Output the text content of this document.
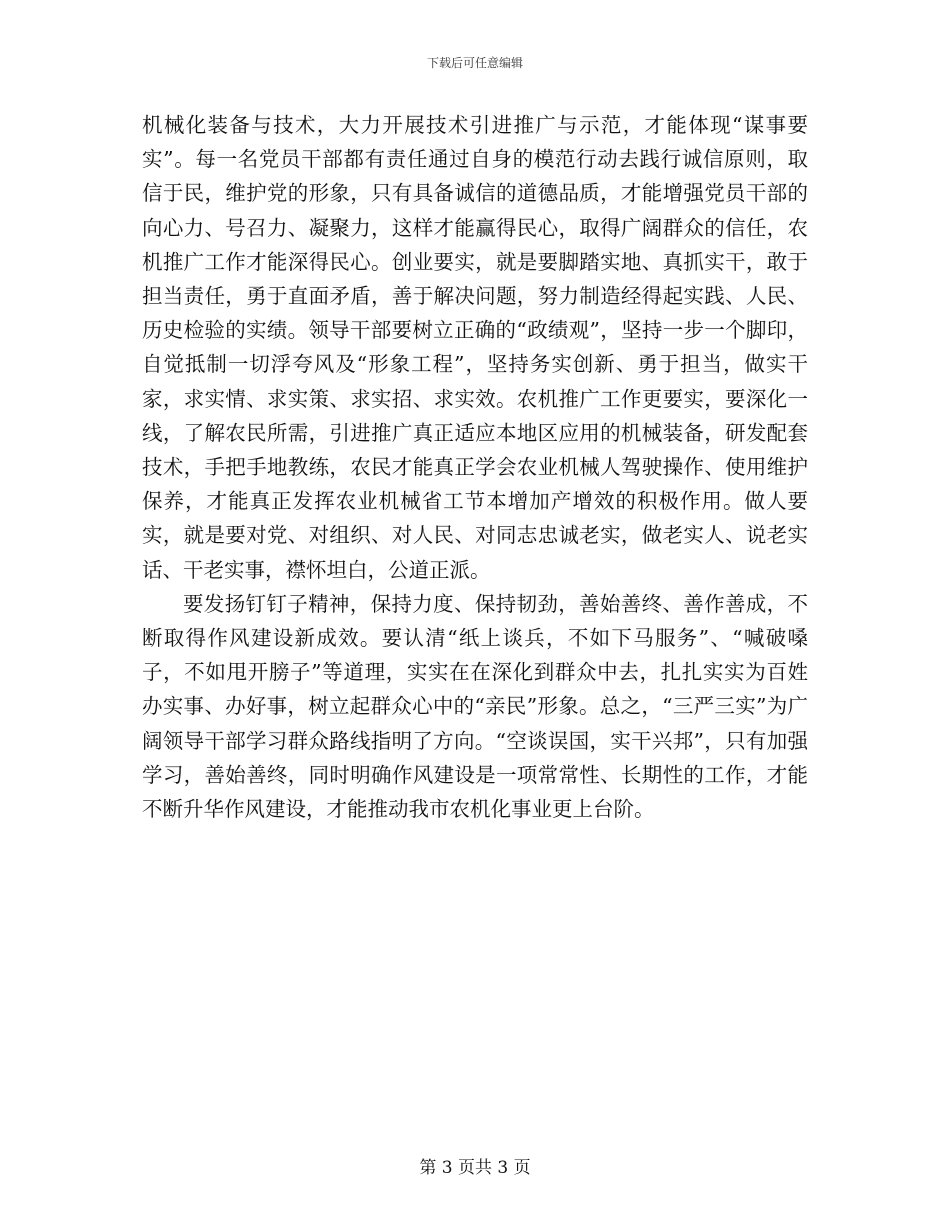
下载后可任意编辑

机械化装备与技术，大力开展技术引进推广与示范，才能体现“谋事要实”。每一名党员干部都有责任通过自身的模范行动去践行诚信原则，取信于民，维护党的形象，只有具备诚信的道德品质，才能增强党员干部的向心力、号召力、凝聚力，这样才能赢得民心，取得广阔群众的信任，农机推广工作才能深得民心。创业要实，就是要脚踏实地、真抓实干，敢于担当责任，勇于直面矛盾，善于解决问题，努力制造经得起实践、人民、历史检验的实绩。领导干部要树立正确的“政绩观”，坚持一步一个脚印，自觉抵制一切浮夸风及“形象工程”，坚持务实创新、勇于担当，做实干家，求实情、求实策、求实招、求实效。农机推广工作更要实，要深化一线，了解农民所需，引进推广真正适应本地区应用的机械装备，研发配套技术，手把手地教练，农民才能真正学会农业机械人驾驶操作、使用维护保养，才能真正发挥农业机械省工节本增加产增效的积极作用。做人要实，就是要对党、对组织、对人民、对同志忠诚老实，做老实人、说老实话、干老实事，襟怀坦白，公道正派。

要发扬钉钉子精神，保持力度、保持韧劲，善始善终、善作善成，不断取得作风建设新成效。要认清“纸上谈兵，不如下马服务”、“喊破嗓子，不如甩开膀子”等道理，实实在在深化到群众中去，扎扎实实为百姓办实事、办好事，树立起群众心中的“亲民”形象。总之，“三严三实”为广阔领导干部学习群众路线指明了方向。“空谈误国，实干兴邦”，只有加强学习，善始善终，同时明确作风建设是一项常常性、长期性的工作，才能不断升华作风建设，才能推动我市农机化事业更上台阶。

第 3 页共 3 页
